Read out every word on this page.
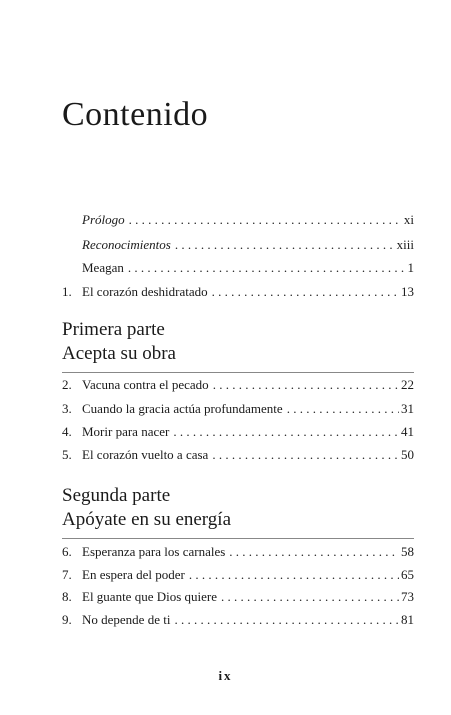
Contenido
Prólogo . . .	xi
Reconocimientos . . .	xiii
Meagan . . .	1
1. El corazón deshidratado . . .	13
Primera parte
Acepta su obra
2. Vacuna contra el pecado . . .	22
3. Cuando la gracia actúa profundamente . . .	31
4. Morir para nacer . . .	41
5. El corazón vuelto a casa . . .	50
Segunda parte
Apóyate en su energía
6. Esperanza para los carnales . . .	58
7. En espera del poder . . .	65
8. El guante que Dios quiere . . .	73
9. No depende de ti . . .	81
ix
